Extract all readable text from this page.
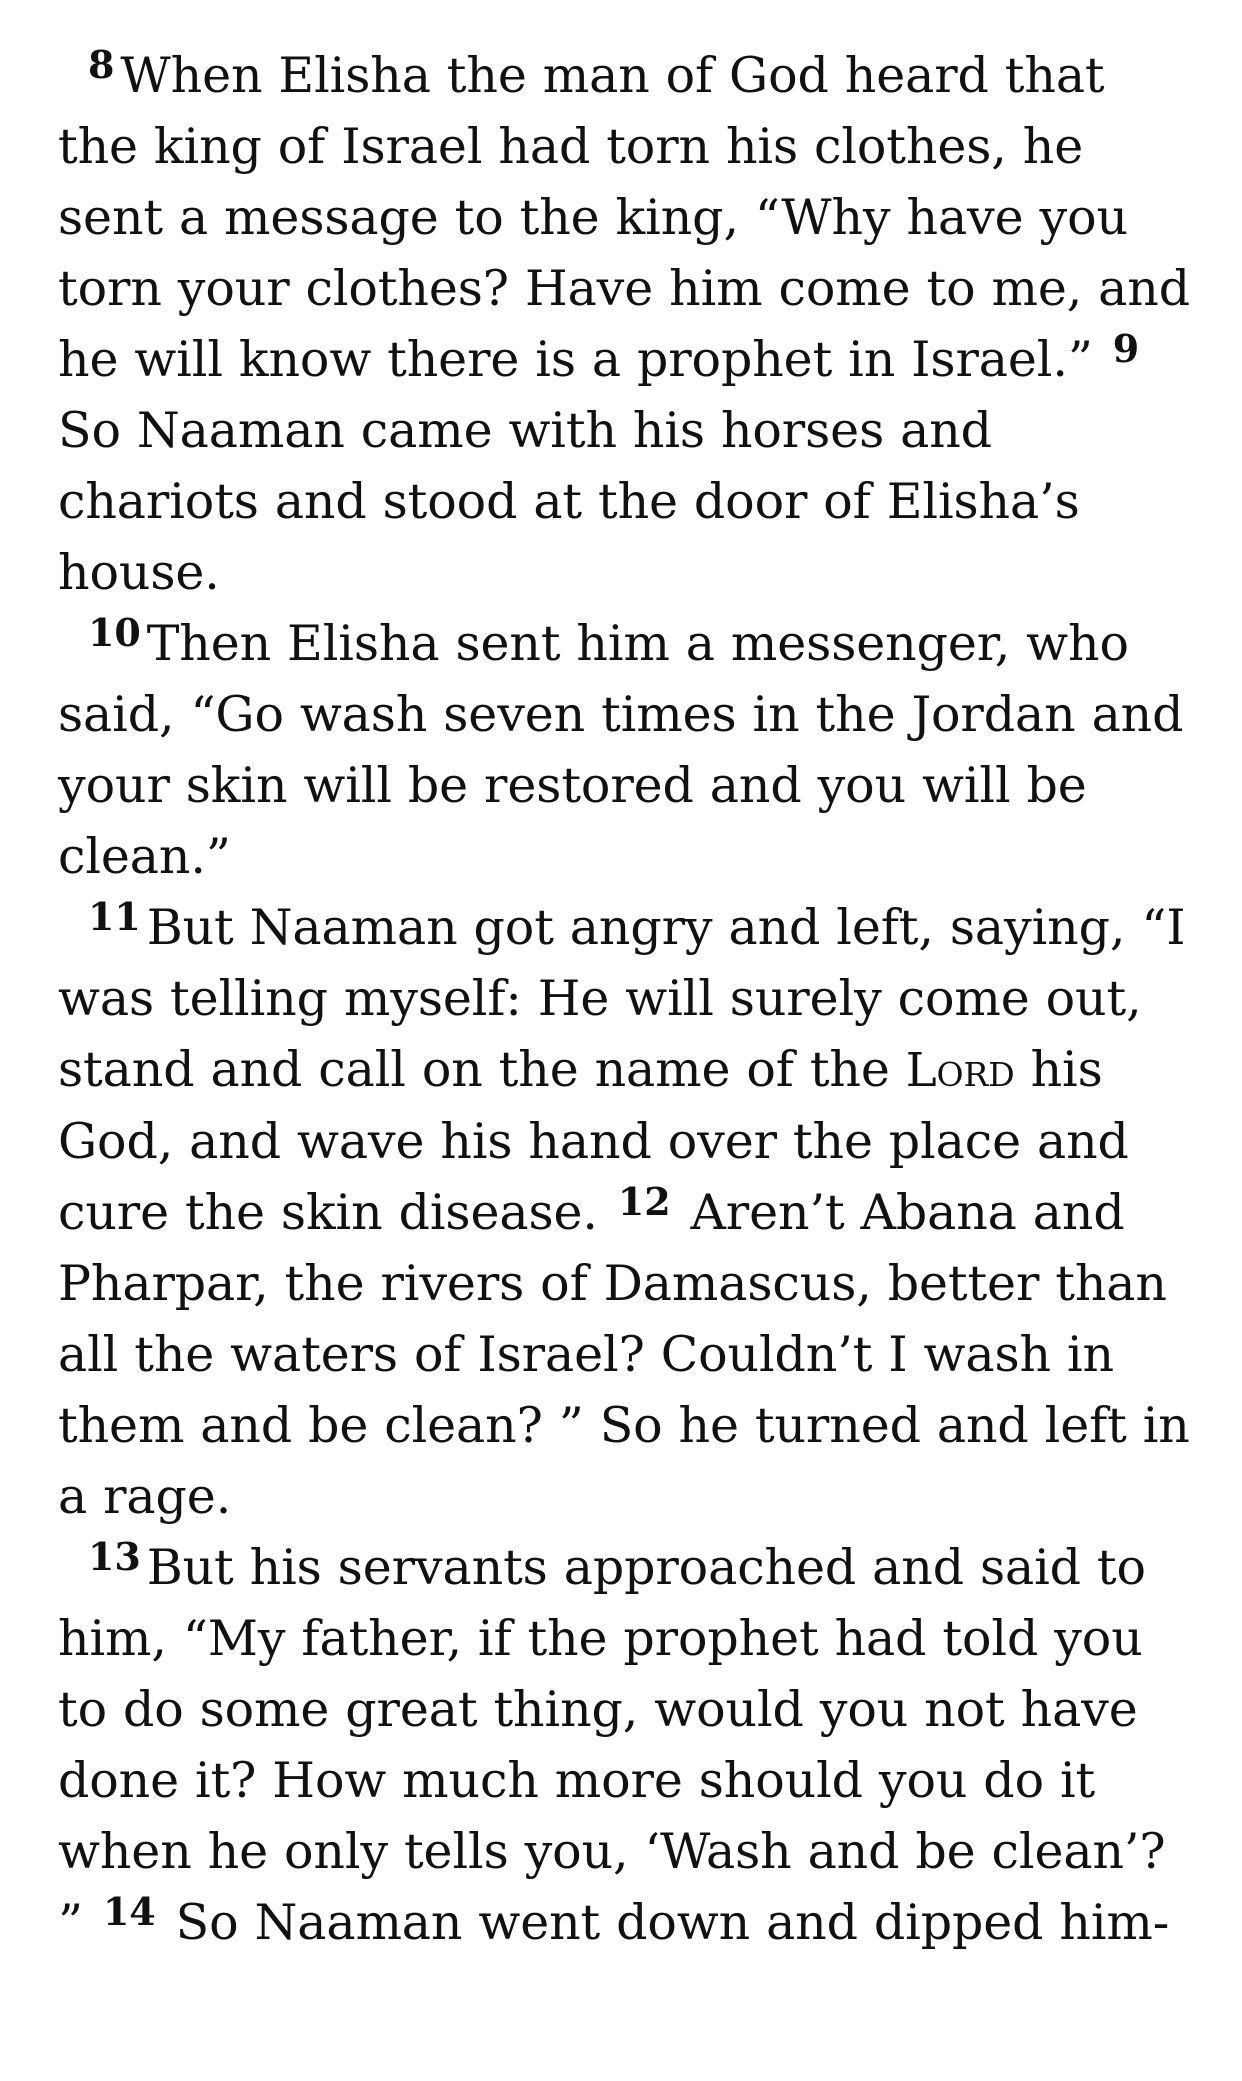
$^8$ When Elisha the man of God heard that the king of Israel had torn his clothes, he sent a message to the king, “Why have you torn your clothes? Have him come to me, and he will know there is a prophet in Israel.” $^9$ So Naaman came with his horses and chariots and stood at the door of Elisha’s house.

$^{10}$ Then Elisha sent him a messenger, who said, “Go wash seven times in the Jordan and your skin will be restored and you will be clean.”

$^{11}$ But Naaman got angry and left, saying, “I was telling myself: He will surely come out, stand and call on the name of the Lord his God, and wave his hand over the place and cure the skin disease. $^{12}$ Aren’t Abana and Pharpar, the rivers of Damascus, better than all the waters of Israel? Couldn’t I wash in them and be clean? ” So he turned and left in a rage.

$^{13}$ But his servants approached and said to him, “My father, if the prophet had told you to do some great thing, would you not have done it? How much more should you do it when he only tells you, ‘Wash and be clean’? ” $^{14}$ So Naaman went down and dipped him-
